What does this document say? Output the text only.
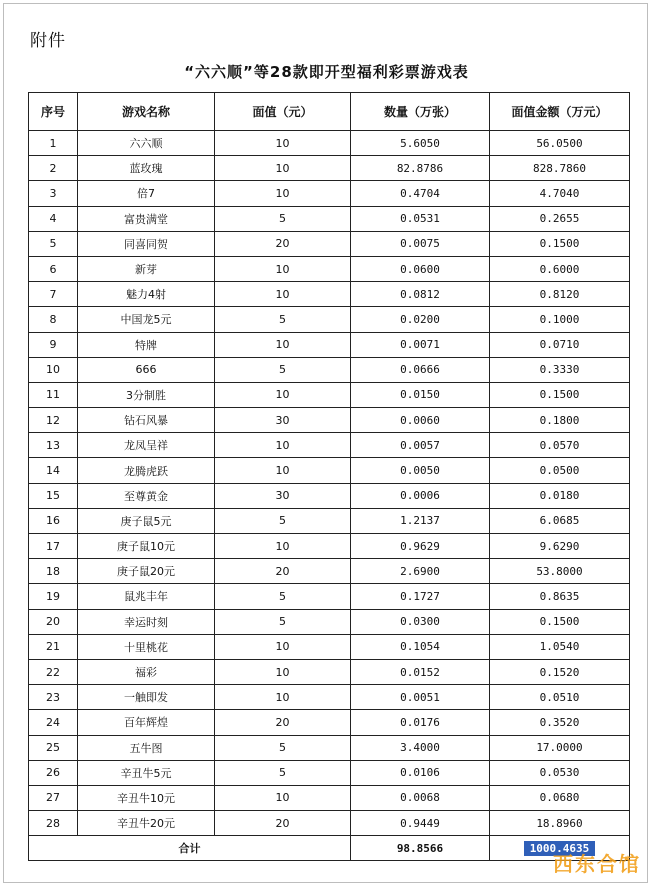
附件
“六六顺”等28款即开型福利彩票游戏表
序号	游戏名称	面值（元）	数量（万张）	面值金额（万元）
1	六六顺	10	5.6050	56.0500
2	蓝玫瑰	10	82.8786	828.7860
3	倍7	10	0.4704	4.7040
4	富贵满堂	5	0.0531	0.2655
5	同喜同贺	20	0.0075	0.1500
6	新芽	10	0.0600	0.6000
7	魅力4射	10	0.0812	0.8120
8	中国龙5元	5	0.0200	0.1000
9	特牌	10	0.0071	0.0710
10	666	5	0.0666	0.3330
11	3分制胜	10	0.0150	0.1500
12	钻石风暴	30	0.0060	0.1800
13	龙凤呈祥	10	0.0057	0.0570
14	龙腾虎跃	10	0.0050	0.0500
15	至尊黄金	30	0.0006	0.0180
16	庚子鼠5元	5	1.2137	6.0685
17	庚子鼠10元	10	0.9629	9.6290
18	庚子鼠20元	20	2.6900	53.8000
19	鼠兆丰年	5	0.1727	0.8635
20	幸运时刻	5	0.0300	0.1500
21	十里桃花	10	0.1054	1.0540
22	福彩	10	0.0152	0.1520
23	一触即发	10	0.0051	0.0510
24	百年辉煌	20	0.0176	0.3520
25	五牛图	5	3.4000	17.0000
26	辛丑牛5元	5	0.0106	0.0530
27	辛丑牛10元	10	0.0068	0.0680
28	辛丑牛20元	20	0.9449	18.8960
合计			98.8566	1000.4635
西东合馆
